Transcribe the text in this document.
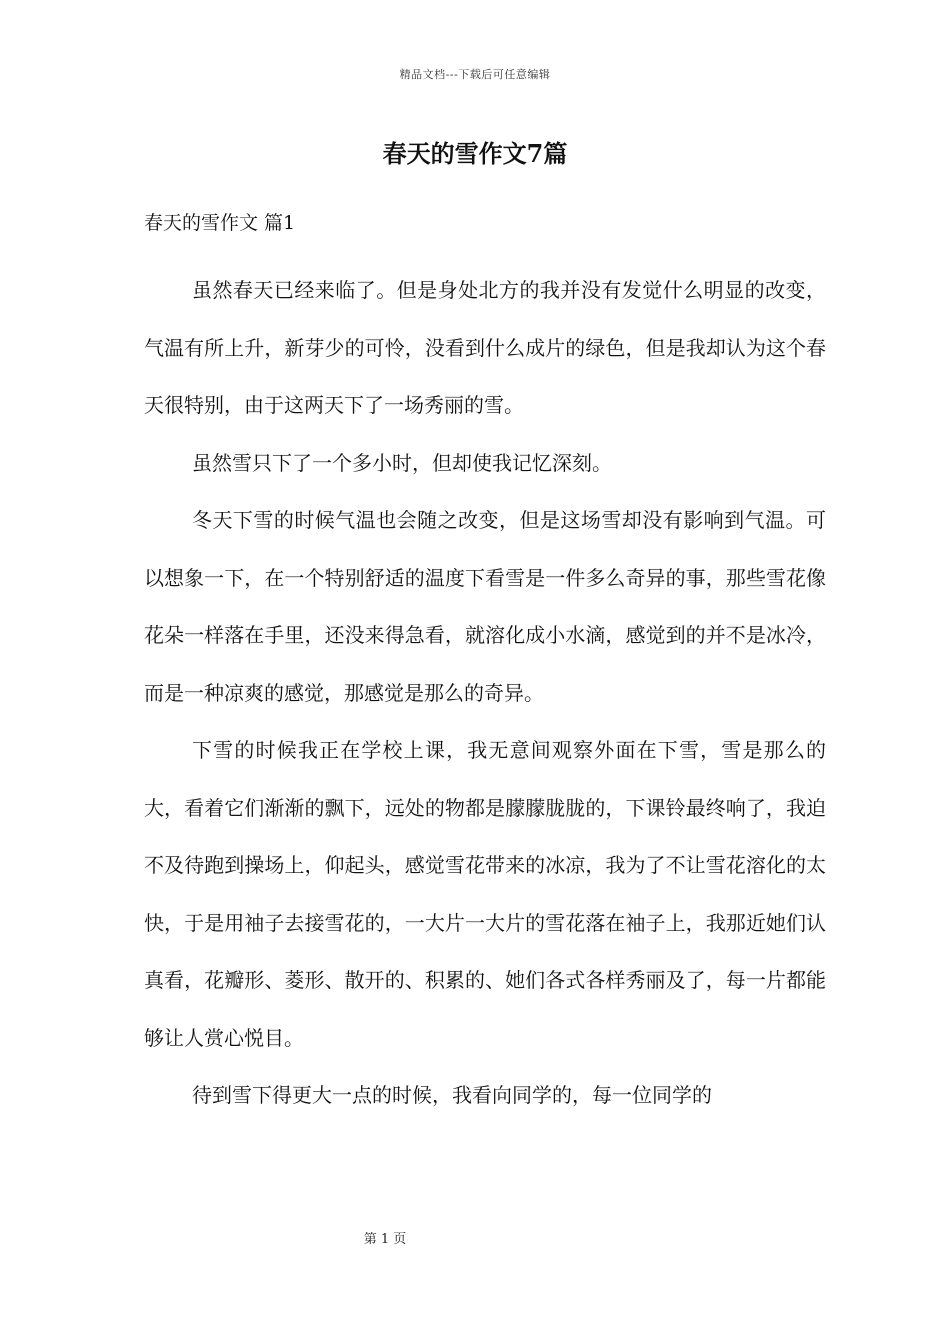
精品文档---下载后可任意编辑
春天的雪作文7篇
春天的雪作文 篇1

虽然春天已经来临了。但是身处北方的我并没有发觉什么明显的改变，气温有所上升，新芽少的可怜，没看到什么成片的绿色，但是我却认为这个春天很特别，由于这两天下了一场秀丽的雪。

虽然雪只下了一个多小时，但却使我记忆深刻。

冬天下雪的时候气温也会随之改变，但是这场雪却没有影响到气温。可以想象一下，在一个特别舒适的温度下看雪是一件多么奇异的事，那些雪花像花朵一样落在手里，还没来得急看，就溶化成小水滴，感觉到的并不是冰冷，而是一种凉爽的感觉，那感觉是那么的奇异。

下雪的时候我正在学校上课，我无意间观察外面在下雪，雪是那么的大，看着它们渐渐的飘下，远处的物都是朦朦胧胧的，下课铃最终响了，我迫不及待跑到操场上，仰起头，感觉雪花带来的冰凉，我为了不让雪花溶化的太快，于是用袖子去接雪花的，一大片一大片的雪花落在袖子上，我那近她们认真看，花瓣形、菱形、散开的、积累的、她们各式各样秀丽及了，每一片都能够让人赏心悦目。

待到雪下得更大一点的时候，我看向同学的，每一位同学的

第 1 页
